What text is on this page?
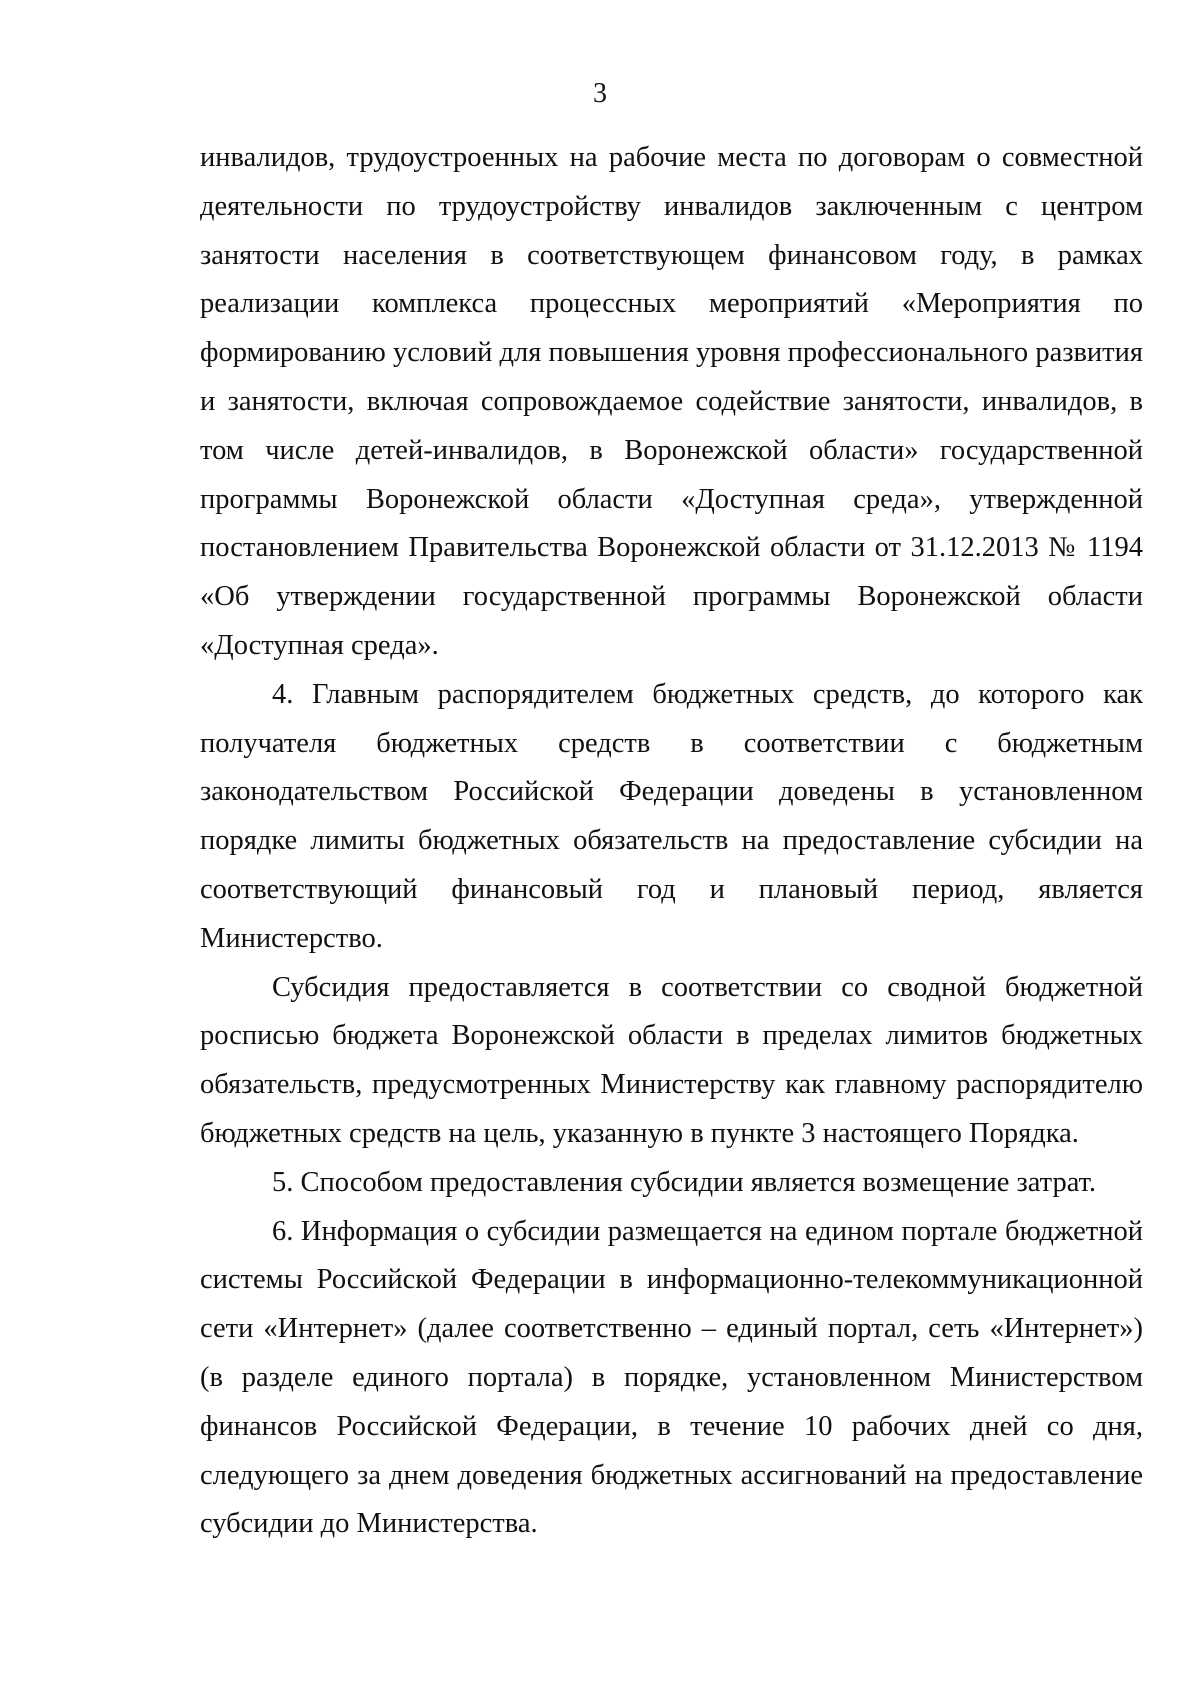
3

инвалидов, трудоустроенных на рабочие места по договорам о совместной деятельности по трудоустройству инвалидов заключенным с центром занятости населения в соответствующем финансовом году, в рамках реализации комплекса процессных мероприятий «Мероприятия по формированию условий для повышения уровня профессионального развития и занятости, включая сопровождаемое содействие занятости, инвалидов, в том числе детей-инвалидов, в Воронежской области» государственной программы Воронежской области «Доступная среда», утвержденной постановлением Правительства Воронежской области от 31.12.2013 № 1194 «Об утверждении государственной программы Воронежской области «Доступная среда».

4. Главным распорядителем бюджетных средств, до которого как получателя бюджетных средств в соответствии с бюджетным законодательством Российской Федерации доведены в установленном порядке лимиты бюджетных обязательств на предоставление субсидии на соответствующий финансовый год и плановый период, является Министерство.

Субсидия предоставляется в соответствии со сводной бюджетной росписью бюджета Воронежской области в пределах лимитов бюджетных обязательств, предусмотренных Министерству как главному распорядителю бюджетных средств на цель, указанную в пункте 3 настоящего Порядка.

5. Способом предоставления субсидии является возмещение затрат.

6. Информация о субсидии размещается на едином портале бюджетной системы Российской Федерации в информационно-телекоммуникационной сети «Интернет» (далее соответственно – единый портал, сеть «Интернет») (в разделе единого портала) в порядке, установленном Министерством финансов Российской Федерации, в течение 10 рабочих дней со дня, следующего за днем доведения бюджетных ассигнований на предоставление субсидии до Министерства.
